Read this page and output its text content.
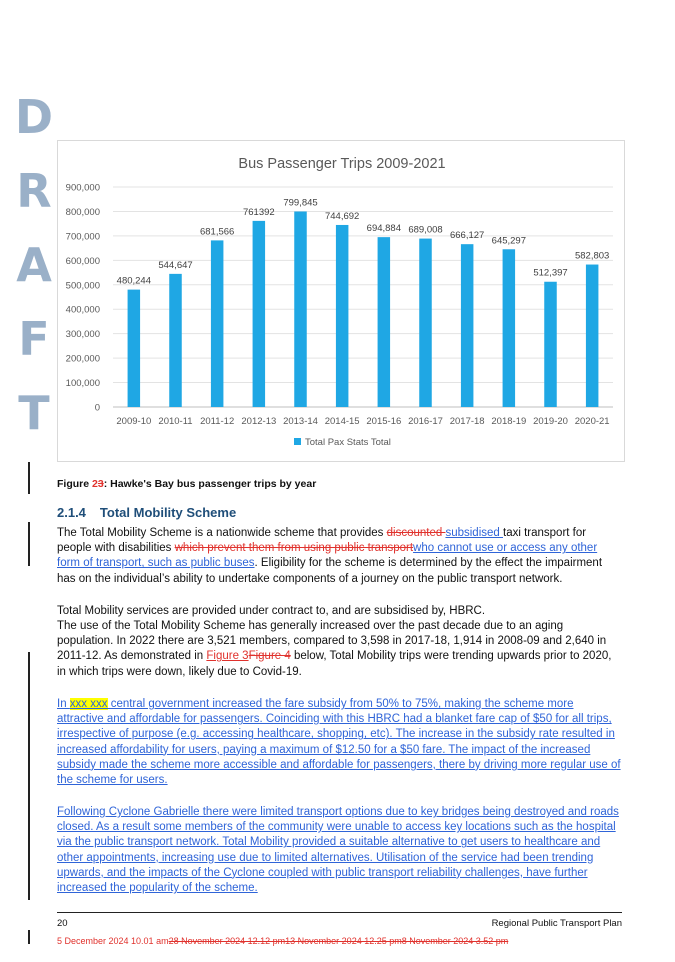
D
R
A
F
T
Bus Passenger Trips 2009-2021
0
100,000
200,000
300,000
400,000
500,000
600,000
700,000
800,000
900,000
480,244
2009-10
544,647
2010-11
681,566
2011-12
761392
2012-13
799,845
2013-14
744,692
2014-15
694,884
2015-16
689,008
2016-17
666,127
2017-18
645,297
2018-19
512,397
2019-20
582,803
2020-21
Total Pax Stats Total
Figure 23: Hawke's Bay bus passenger trips by year
2.1.4 Total Mobility Scheme

The Total Mobility Scheme is a nationwide scheme that provides discounted subsidised taxi transport for people with disabilities which prevent them from using public transportwho cannot use or access any other form of transport, such as public buses. Eligibility for the scheme is determined by the effect the impairment has on the individual’s ability to undertake components of a journey on the public transport network.

Total Mobility services are provided under contract to, and are subsidised by, HBRC.

The use of the Total Mobility Scheme has generally increased over the past decade due to an aging population. In 2022 there are 3,521 members, compared to 3,598 in 2017-18, 1,914 in 2008-09 and 2,640 in 2011-12. As demonstrated in Figure 3Figure 4 below, Total Mobility trips were trending upwards prior to 2020, in which trips were down, likely due to Covid-19.

In xxx xxx central government increased the fare subsidy from 50% to 75%, making the scheme more attractive and affordable for passengers. Coinciding with this HBRC had a blanket fare cap of $50 for all trips, irrespective of purpose (e.g. accessing healthcare, shopping, etc). The increase in the subsidy rate resulted in increased affordability for users, paying a maximum of $12.50 for a $50 fare. The impact of the increased subsidy made the scheme more accessible and affordable for passengers, there by driving more regular use of the scheme for users.

Following Cyclone Gabrielle there were limited transport options due to key bridges being destroyed and roads closed. As a result some members of the community were unable to access key locations such as the hospital via the public transport network. Total Mobility provided a suitable alternative to get users to healthcare and other appointments, increasing use due to limited alternatives. Utilisation of the service had been trending upwards, and the impacts of the Cyclone coupled with public transport reliability challenges, have further increased the popularity of the scheme.

20	Regional Public Transport Plan
5 December 2024 10.01 am28 November 2024 12.12 pm13 November 2024 12.25 pm8 November 2024 3.52 pm
